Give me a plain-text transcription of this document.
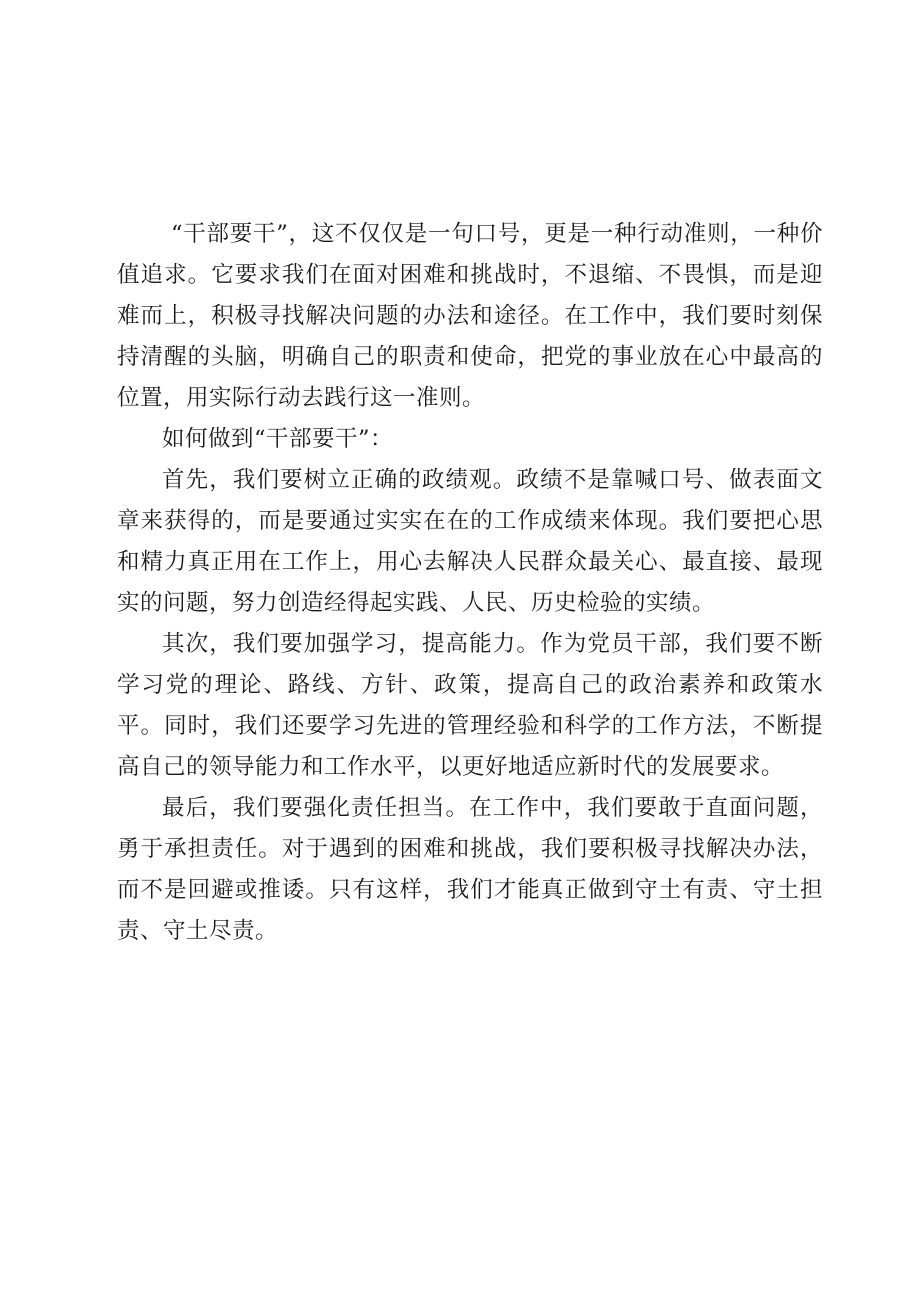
“干部要干”，这不仅仅是一句口号，更是一种行动准则，一种价值追求。它要求我们在面对困难和挑战时，不退缩、不畏惧，而是迎难而上，积极寻找解决问题的办法和途径。在工作中，我们要时刻保持清醒的头脑，明确自己的职责和使命，把党的事业放在心中最高的位置，用实际行动去践行这一准则。

如何做到“干部要干”：

首先，我们要树立正确的政绩观。政绩不是靠喊口号、做表面文章来获得的，而是要通过实实在在的工作成绩来体现。我们要把心思和精力真正用在工作上，用心去解决人民群众最关心、最直接、最现实的问题，努力创造经得起实践、人民、历史检验的实绩。

其次，我们要加强学习，提高能力。作为党员干部，我们要不断学习党的理论、路线、方针、政策，提高自己的政治素养和政策水平。同时，我们还要学习先进的管理经验和科学的工作方法，不断提高自己的领导能力和工作水平，以更好地适应新时代的发展要求。

最后，我们要强化责任担当。在工作中，我们要敢于直面问题，勇于承担责任。对于遇到的困难和挑战，我们要积极寻找解决办法，而不是回避或推诿。只有这样，我们才能真正做到守土有责、守土担责、守土尽责。
